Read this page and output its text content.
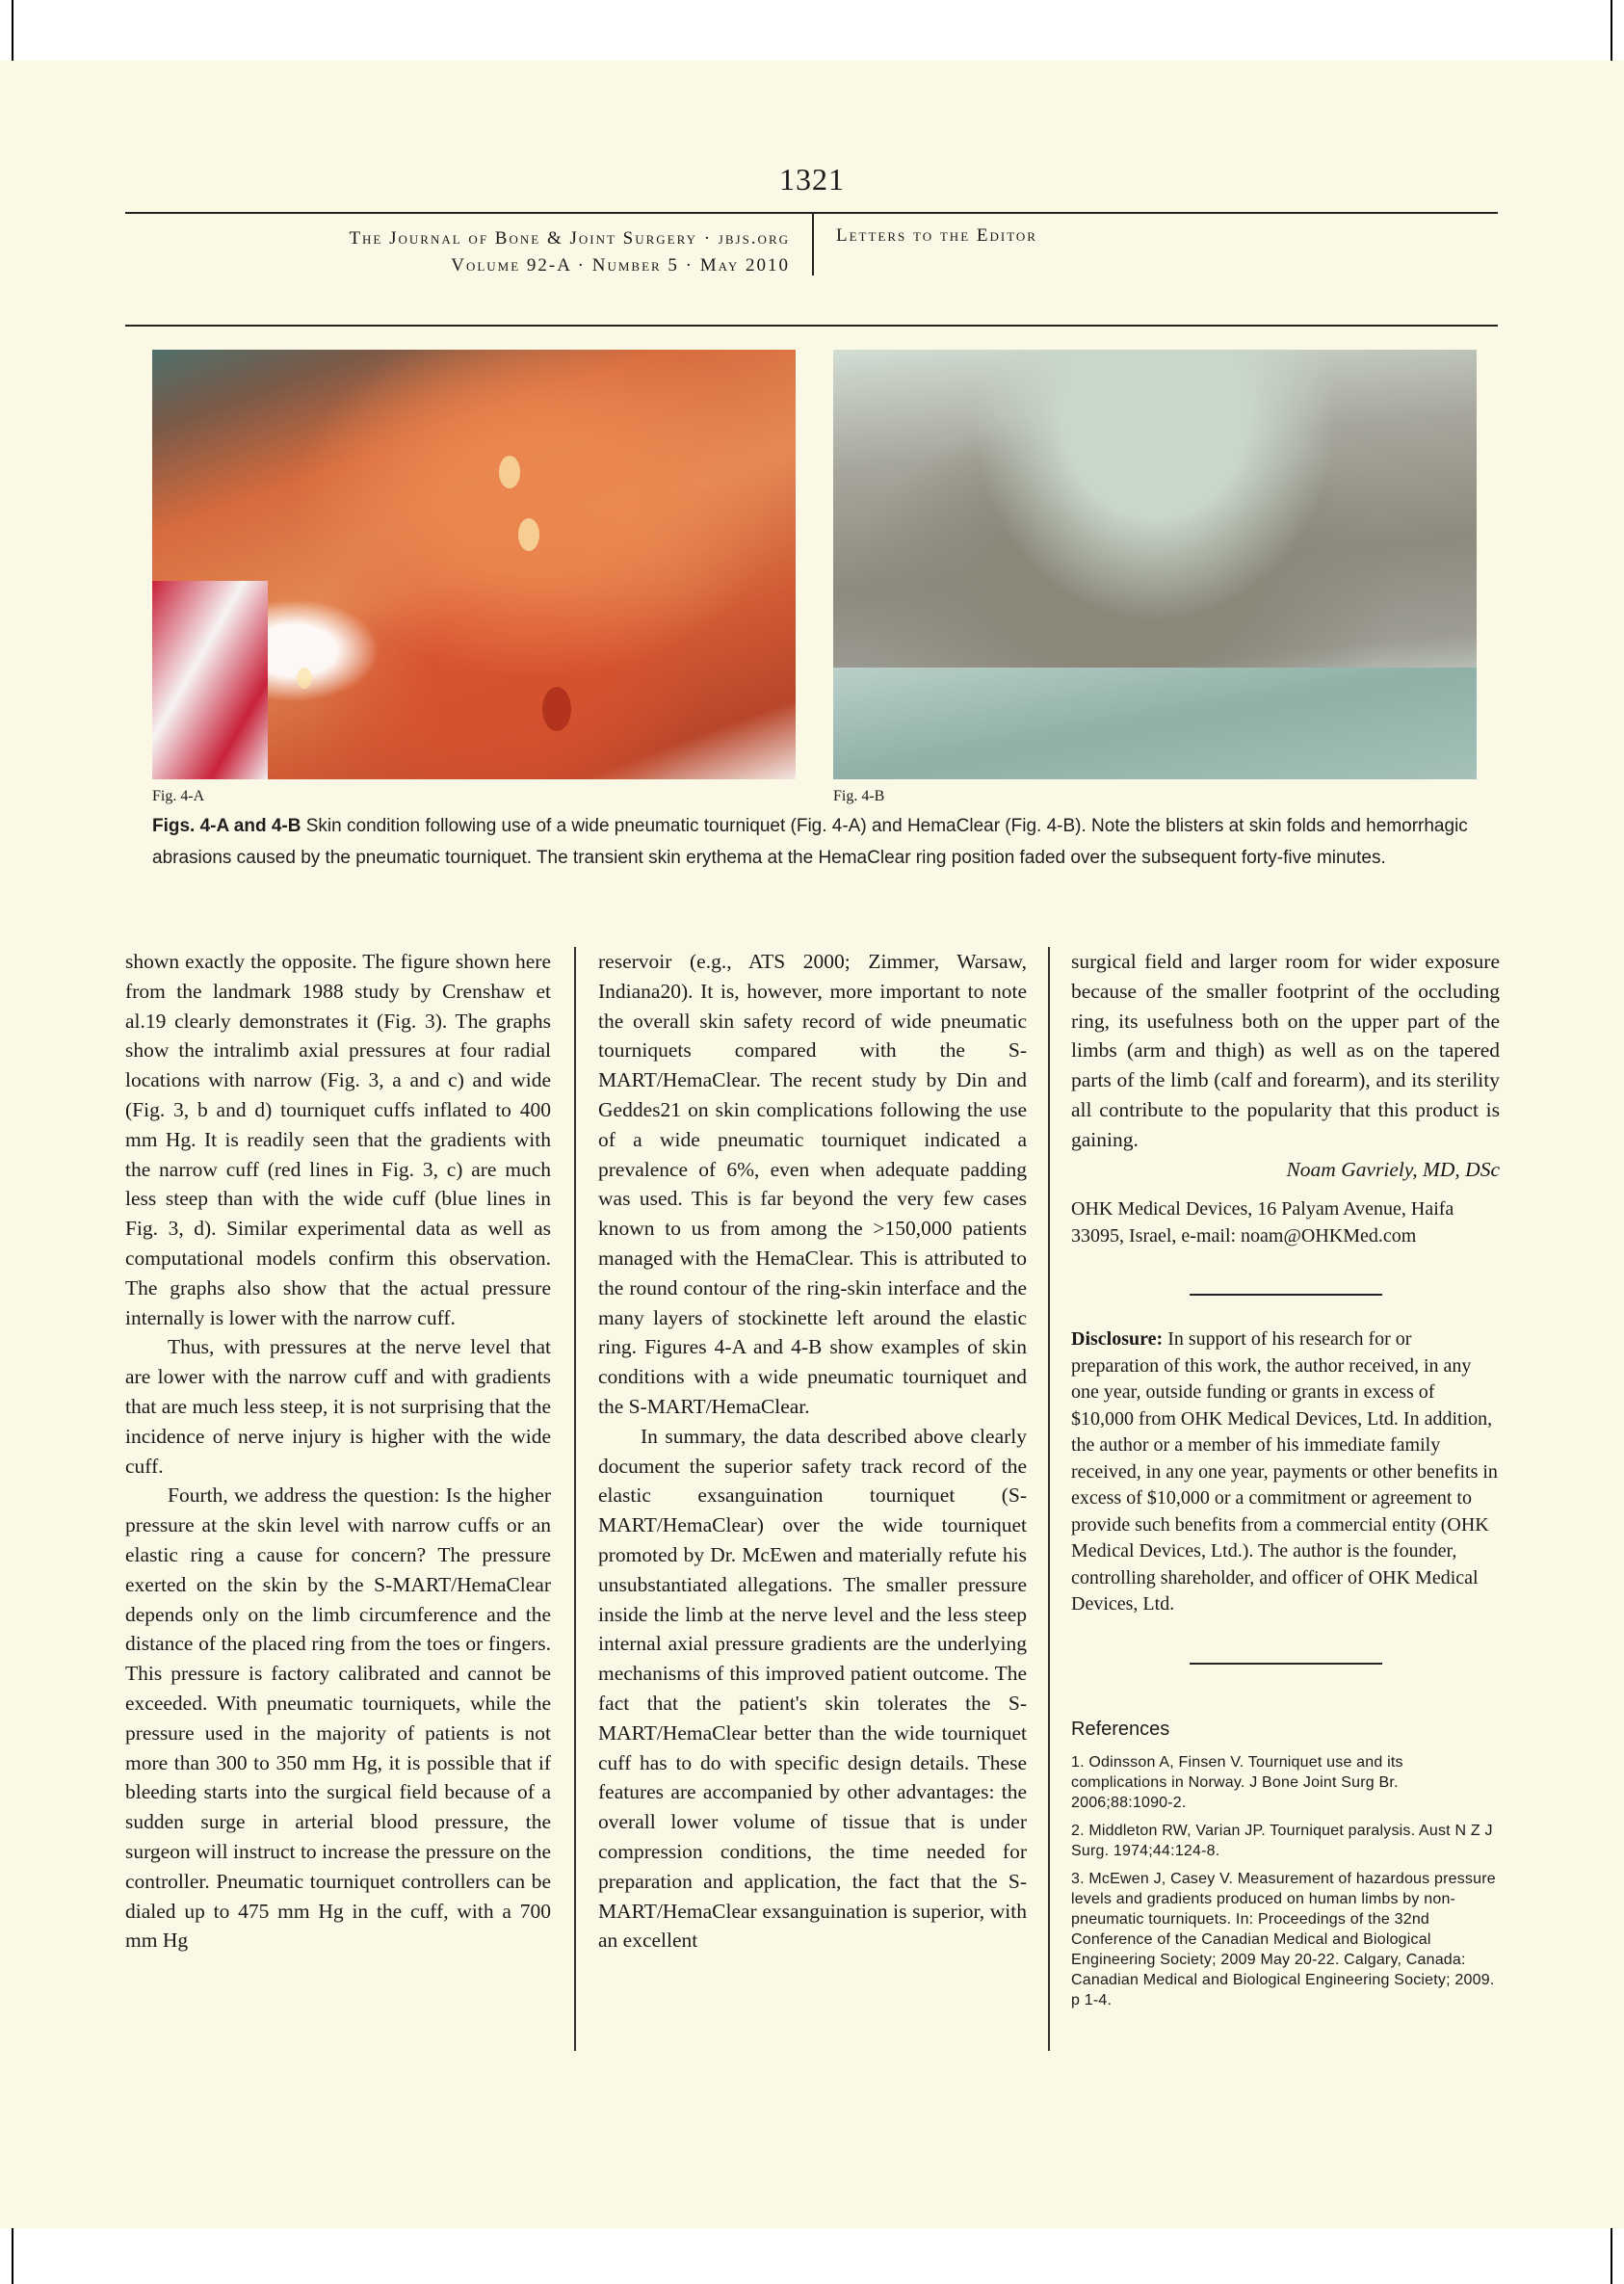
1321
The Journal of Bone & Joint Surgery · jbjs.org
Volume 92-A · Number 5 · May 2010
Letters to the Editor
Fig. 4-A	Fig. 4-B
Figs. 4-A and 4-B Skin condition following use of a wide pneumatic tourniquet (Fig. 4-A) and HemaClear (Fig. 4-B). Note the blisters at skin folds and hemorrhagic abrasions caused by the pneumatic tourniquet. The transient skin erythema at the HemaClear ring position faded over the subsequent forty-five minutes.

shown exactly the opposite. The figure shown here from the landmark 1988 study by Crenshaw et al.19 clearly demonstrates it (Fig. 3). The graphs show the intralimb axial pressures at four radial locations with narrow (Fig. 3, a and c) and wide (Fig. 3, b and d) tourniquet cuffs inflated to 400 mm Hg. It is readily seen that the gradients with the narrow cuff (red lines in Fig. 3, c) are much less steep than with the wide cuff (blue lines in Fig. 3, d). Similar experimental data as well as computational models confirm this observation. The graphs also show that the actual pressure internally is lower with the narrow cuff.

Thus, with pressures at the nerve level that are lower with the narrow cuff and with gradients that are much less steep, it is not surprising that the incidence of nerve injury is higher with the wide cuff.

Fourth, we address the question: Is the higher pressure at the skin level with narrow cuffs or an elastic ring a cause for concern? The pressure exerted on the skin by the S-MART/HemaClear depends only on the limb circumference and the distance of the placed ring from the toes or fingers. This pressure is factory calibrated and cannot be exceeded. With pneumatic tourniquets, while the pressure used in the majority of patients is not more than 300 to 350 mm Hg, it is possible that if bleeding starts into the surgical field because of a sudden surge in arterial blood pressure, the surgeon will instruct to increase the pressure on the controller. Pneumatic tourniquet controllers can be dialed up to 475 mm Hg in the cuff, with a 700 mm Hg

reservoir (e.g., ATS 2000; Zimmer, Warsaw, Indiana20). It is, however, more important to note the overall skin safety record of wide pneumatic tourniquets compared with the S-MART/HemaClear. The recent study by Din and Geddes21 on skin complications following the use of a wide pneumatic tourniquet indicated a prevalence of 6%, even when adequate padding was used. This is far beyond the very few cases known to us from among the >150,000 patients managed with the HemaClear. This is attributed to the round contour of the ring-skin interface and the many layers of stockinette left around the elastic ring. Figures 4-A and 4-B show examples of skin conditions with a wide pneumatic tourniquet and the S-MART/HemaClear.

In summary, the data described above clearly document the superior safety track record of the elastic exsanguination tourniquet (S-MART/HemaClear) over the wide tourniquet promoted by Dr. McEwen and materially refute his unsubstantiated allegations. The smaller pressure inside the limb at the nerve level and the less steep internal axial pressure gradients are the underlying mechanisms of this improved patient outcome. The fact that the patient's skin tolerates the S-MART/HemaClear better than the wide tourniquet cuff has to do with specific design details. These features are accompanied by other advantages: the overall lower volume of tissue that is under compression conditions, the time needed for preparation and application, the fact that the S-MART/HemaClear exsanguination is superior, with an excellent

surgical field and larger room for wider exposure because of the smaller footprint of the occluding ring, its usefulness both on the upper part of the limbs (arm and thigh) as well as on the tapered parts of the limb (calf and forearm), and its sterility all contribute to the popularity that this product is gaining.

Noam Gavriely, MD, DSc

OHK Medical Devices, 16 Palyam Avenue, Haifa 33095, Israel, e-mail: noam@OHKMed.com

Disclosure: In support of his research for or preparation of this work, the author received, in any one year, outside funding or grants in excess of $10,000 from OHK Medical Devices, Ltd. In addition, the author or a member of his immediate family received, in any one year, payments or other benefits in excess of $10,000 or a commitment or agreement to provide such benefits from a commercial entity (OHK Medical Devices, Ltd.). The author is the founder, controlling shareholder, and officer of OHK Medical Devices, Ltd.

References

1. Odinsson A, Finsen V. Tourniquet use and its complications in Norway. J Bone Joint Surg Br. 2006;88:1090-2.

2. Middleton RW, Varian JP. Tourniquet paralysis. Aust N Z J Surg. 1974;44:124-8.

3. McEwen J, Casey V. Measurement of hazardous pressure levels and gradients produced on human limbs by non-pneumatic tourniquets. In: Proceedings of the 32nd Conference of the Canadian Medical and Biological Engineering Society; 2009 May 20-22. Calgary, Canada: Canadian Medical and Biological Engineering Society; 2009. p 1-4.
